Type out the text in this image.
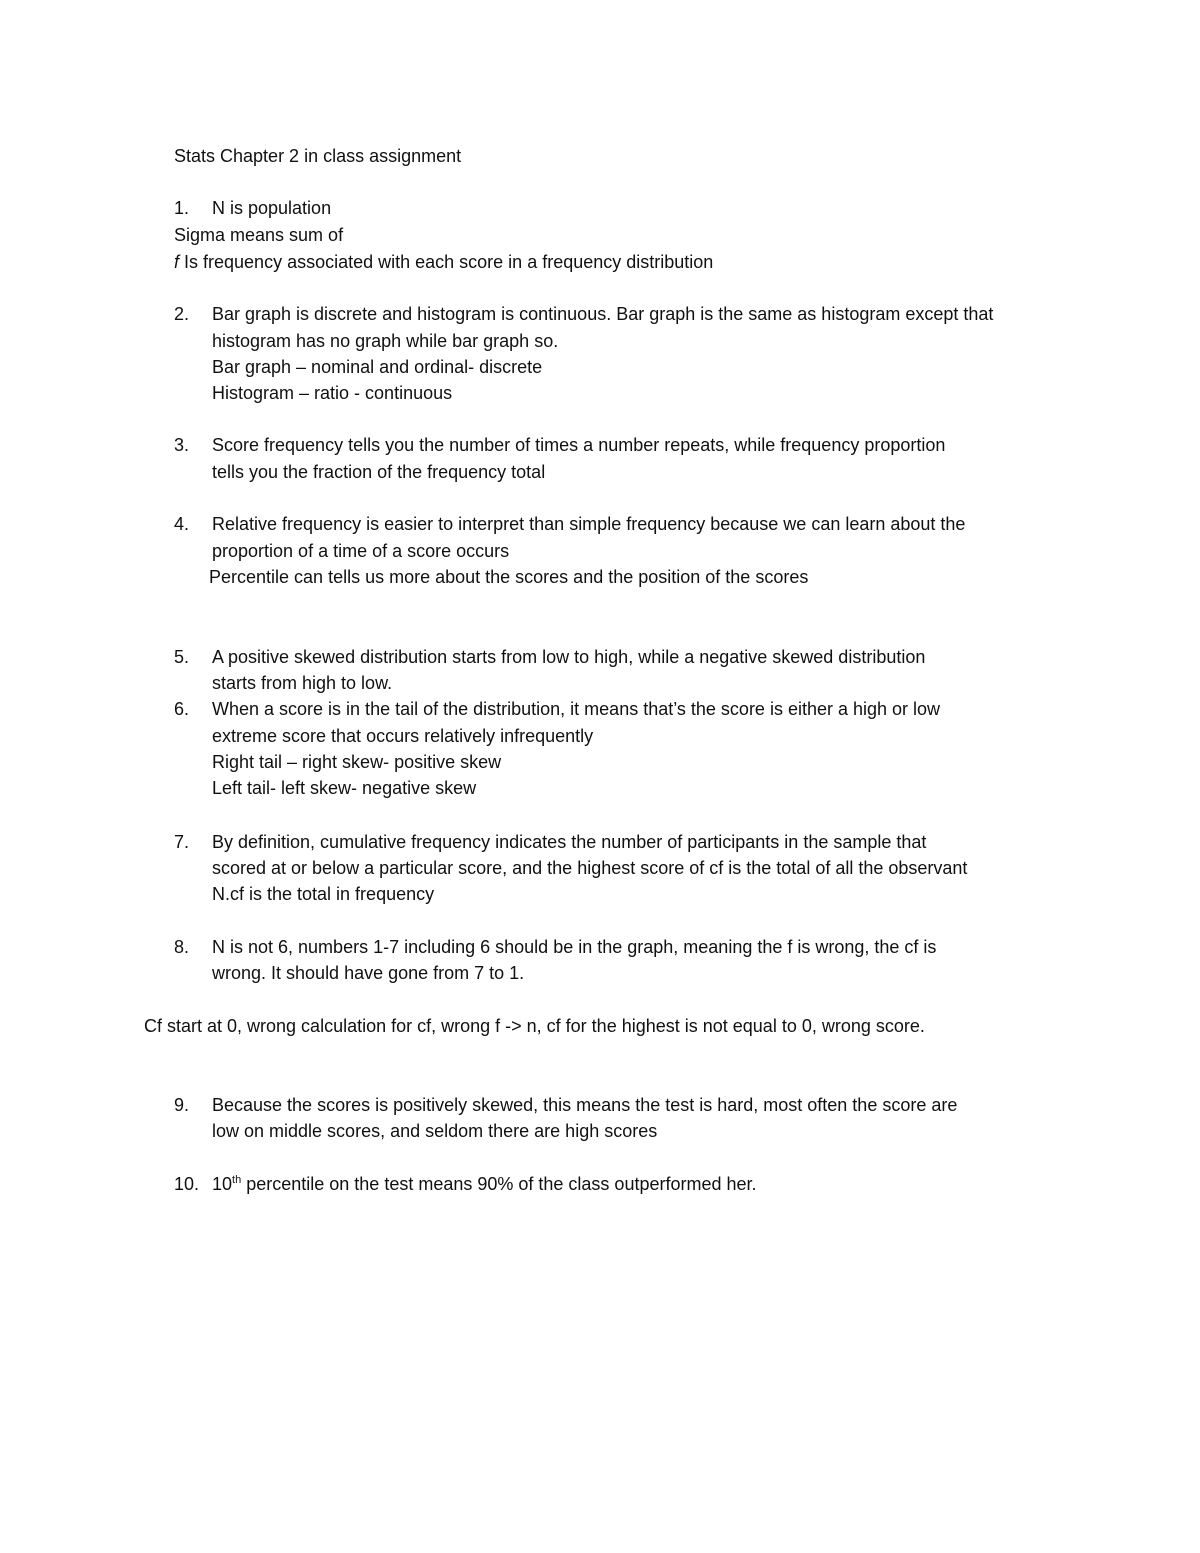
Stats Chapter 2 in class assignment
1. N is population
Sigma means sum of
f Is frequency associated with each score in a frequency distribution
2. Bar graph is discrete and histogram is continuous. Bar graph is the same as histogram except that
histogram has no graph while bar graph so.
Bar graph – nominal and ordinal- discrete
Histogram – ratio - continuous
3. Score frequency tells you the number of times a number repeats, while frequency proportion
tells you the fraction of the frequency total
4. Relative frequency is easier to interpret than simple frequency because we can learn about the
proportion of a time of a score occurs
Percentile can tells us more about the scores and the position of the scores
5. A positive skewed distribution starts from low to high, while a negative skewed distribution
starts from high to low.
6. When a score is in the tail of the distribution, it means that’s the score is either a high or low
extreme score that occurs relatively infrequently
Right tail – right skew- positive skew
Left tail- left skew- negative skew
7. By definition, cumulative frequency indicates the number of participants in the sample that
scored at or below a particular score, and the highest score of cf is the total of all the observant
N.cf is the total in frequency
8. N is not 6, numbers 1-7 including 6 should be in the graph, meaning the f is wrong, the cf is
wrong. It should have gone from 7 to 1.
Cf start at 0, wrong calculation for cf, wrong f -> n, cf for the highest is not equal to 0, wrong score.
9. Because the scores is positively skewed, this means the test is hard, most often the score are
low on middle scores, and seldom there are high scores
10. 10th percentile on the test means 90% of the class outperformed her.
